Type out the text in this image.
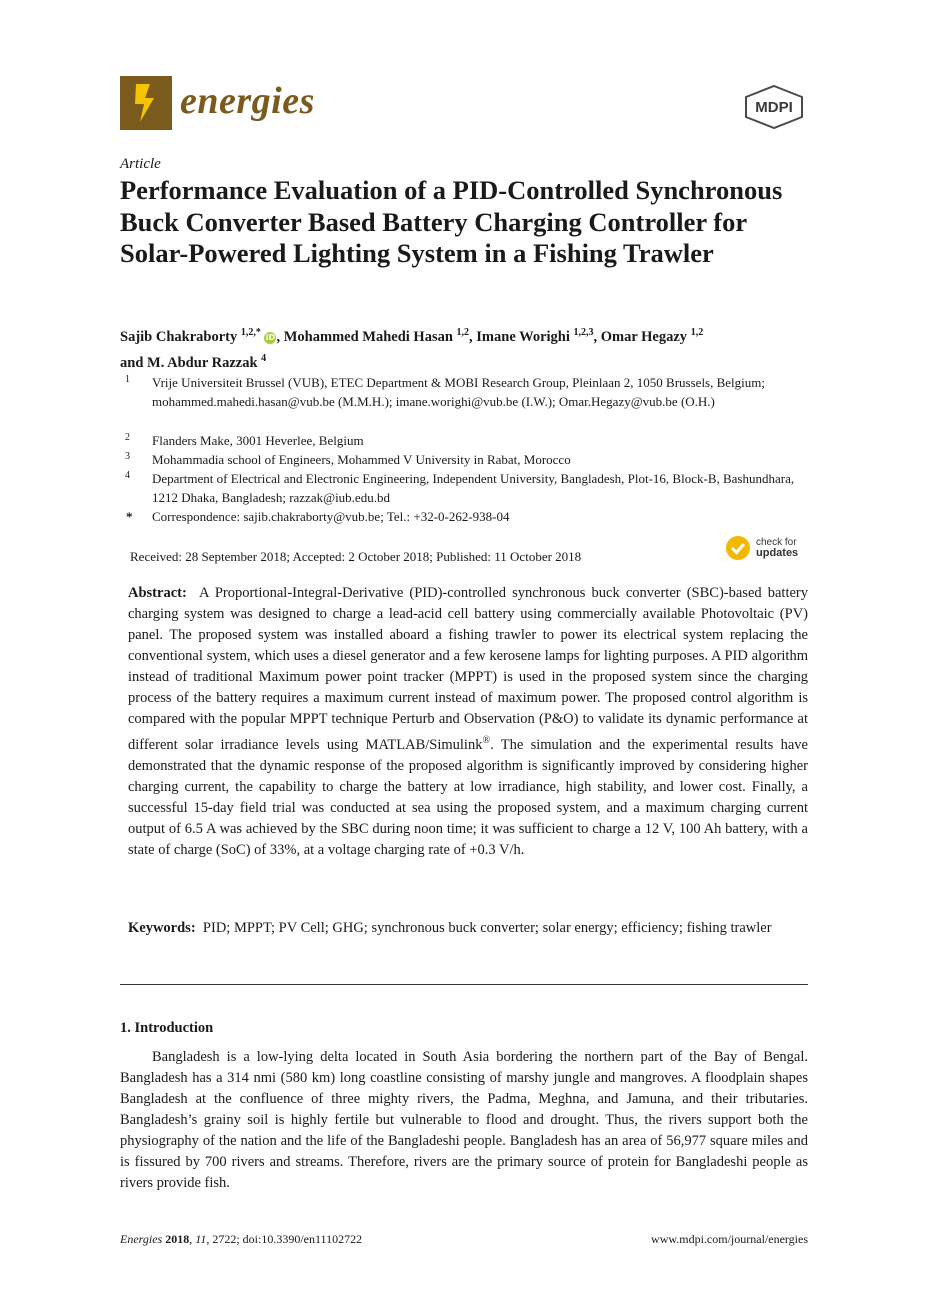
energies	MDPI
Article
Performance Evaluation of a PID-Controlled Synchronous Buck Converter Based Battery Charging Controller for Solar-Powered Lighting System in a Fishing Trawler
Sajib Chakraborty $^{1,2,*}$ iD, Mohammed Mahedi Hasan $^{1,2}$, Imane Worighi $^{1,2,3}$, Omar Hegazy $^{1,2}$
and M. Abdur Razzak $^4$
1 Vrije Universiteit Brussel (VUB), ETEC Department & MOBI Research Group, Pleinlaan 2, 1050 Brussels, Belgium; mohammed.mahedi.hasan@vub.be (M.M.H.); imane.worighi@vub.be (I.W.); Omar.Hegazy@vub.be (O.H.)
2 Flanders Make, 3001 Heverlee, Belgium
3 Mohammadia school of Engineers, Mohammed V University in Rabat, Morocco
4 Department of Electrical and Electronic Engineering, Independent University, Bangladesh, Plot-16, Block-B, Bashundhara, 1212 Dhaka, Bangladesh; razzak@iub.edu.bd
* Correspondence: sajib.chakraborty@vub.be; Tel.: +32-0-262-938-04
Received: 28 September 2018; Accepted: 2 October 2018; Published: 11 October 2018
check for
updates
Abstract: A Proportional-Integral-Derivative (PID)-controlled synchronous buck converter (SBC)-based battery charging system was designed to charge a lead-acid cell battery using commercially available Photovoltaic (PV) panel. The proposed system was installed aboard a fishing trawler to power its electrical system replacing the conventional system, which uses a diesel generator and a few kerosene lamps for lighting purposes. A PID algorithm instead of traditional Maximum power point tracker (MPPT) is used in the proposed system since the charging process of the battery requires a maximum current instead of maximum power. The proposed control algorithm is compared with the popular MPPT technique Perturb and Observation (P&O) to validate its dynamic performance at different solar irradiance levels using MATLAB/Simulink®. The simulation and the experimental results have demonstrated that the dynamic response of the proposed algorithm is significantly improved by considering higher charging current, the capability to charge the battery at low irradiance, high stability, and lower cost. Finally, a successful 15-day field trial was conducted at sea using the proposed system, and a maximum charging current output of 6.5 A was achieved by the SBC during noon time; it was sufficient to charge a 12 V, 100 Ah battery, with a state of charge (SoC) of 33%, at a voltage charging rate of +0.3 V/h.
Keywords: PID; MPPT; PV Cell; GHG; synchronous buck converter; solar energy; efficiency; fishing trawler
1. Introduction
Bangladesh is a low-lying delta located in South Asia bordering the northern part of the Bay of Bengal. Bangladesh has a 314 nmi (580 km) long coastline consisting of marshy jungle and mangroves. A floodplain shapes Bangladesh at the confluence of three mighty rivers, the Padma, Meghna, and Jamuna, and their tributaries. Bangladesh’s grainy soil is highly fertile but vulnerable to flood and drought. Thus, the rivers support both the physiography of the nation and the life of the Bangladeshi people. Bangladesh has an area of 56,977 square miles and is fissured by 700 rivers and streams. Therefore, rivers are the primary source of protein for Bangladeshi people as rivers provide fish.
Energies 2018, 11, 2722; doi:10.3390/en11102722	www.mdpi.com/journal/energies
